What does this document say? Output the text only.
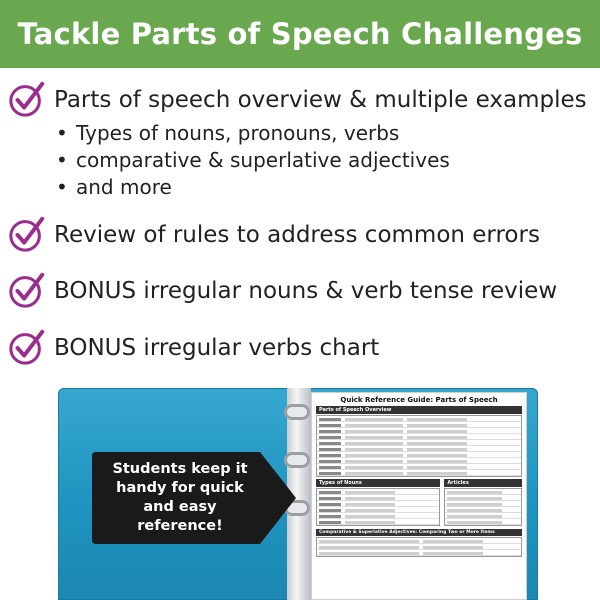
Tackle Parts of Speech Challenges
Parts of speech overview & multiple examples
• Types of nouns, pronouns, verbs
• comparative & superlative adjectives
• and more
Review of rules to address common errors
BONUS irregular nouns & verb tense review
BONUS irregular verbs chart
Students keep it
handy for quick
and easy
reference!
Quick Reference Guide: Parts of Speech
Parts of Speech Overview
Types of Nouns	Articles
Comparative & Superlative Adjectives: Comparing Two or More Items
